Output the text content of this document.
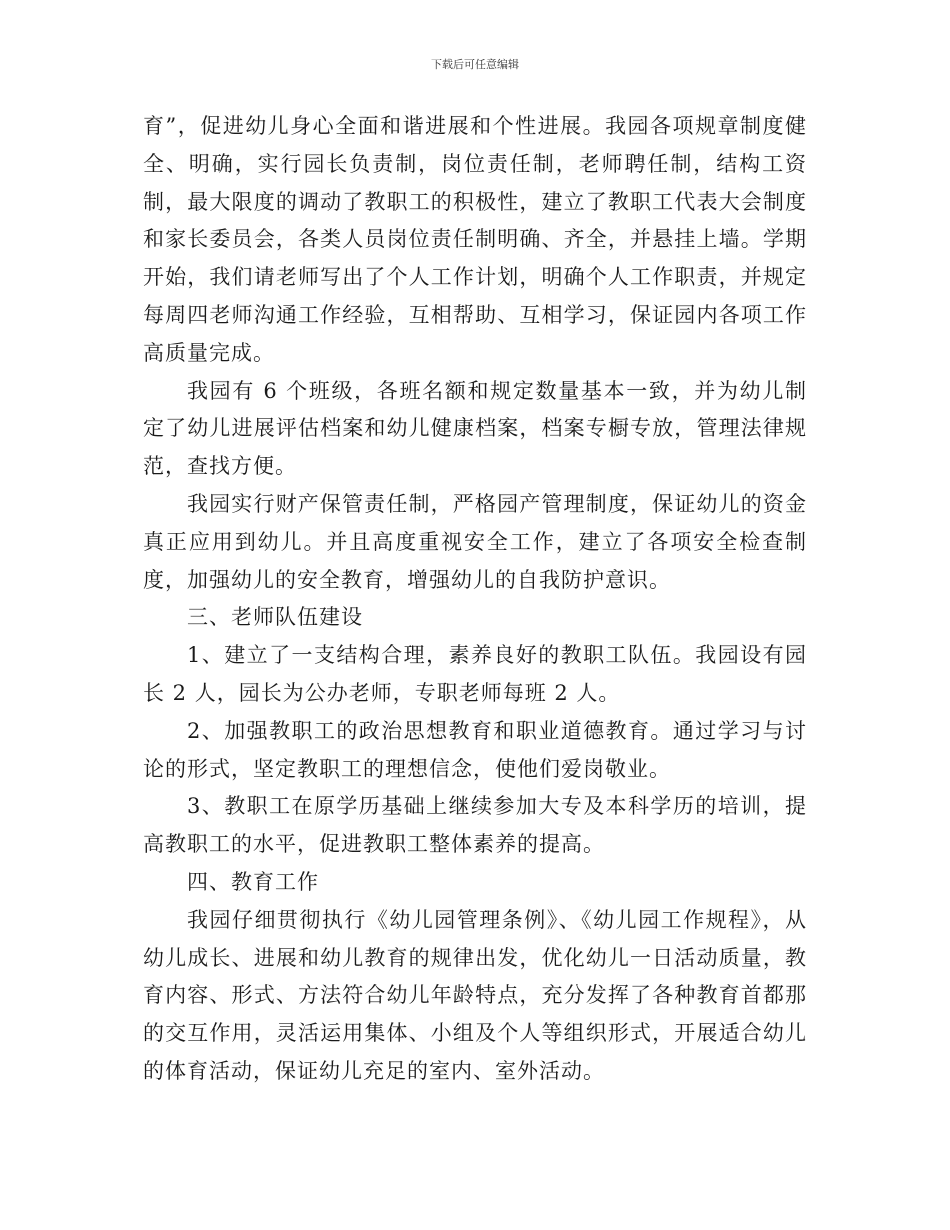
下载后可任意编辑

育”，促进幼儿身心全面和谐进展和个性进展。我园各项规章制度健全、明确，实行园长负责制，岗位责任制，老师聘任制，结构工资制，最大限度的调动了教职工的积极性，建立了教职工代表大会制度和家长委员会，各类人员岗位责任制明确、齐全，并悬挂上墙。学期开始，我们请老师写出了个人工作计划，明确个人工作职责，并规定每周四老师沟通工作经验，互相帮助、互相学习，保证园内各项工作高质量完成。

我园有 6 个班级，各班名额和规定数量基本一致，并为幼儿制定了幼儿进展评估档案和幼儿健康档案，档案专橱专放，管理法律规范，查找方便。

我园实行财产保管责任制，严格园产管理制度，保证幼儿的资金真正应用到幼儿。并且高度重视安全工作，建立了各项安全检查制度，加强幼儿的安全教育，增强幼儿的自我防护意识。

三、老师队伍建设

1、建立了一支结构合理，素养良好的教职工队伍。我园设有园长 2 人，园长为公办老师，专职老师每班 2 人。

2、加强教职工的政治思想教育和职业道德教育。通过学习与讨论的形式，坚定教职工的理想信念，使他们爱岗敬业。

3、教职工在原学历基础上继续参加大专及本科学历的培训，提高教职工的水平，促进教职工整体素养的提高。

四、教育工作

我园仔细贯彻执行《幼儿园管理条例》、《幼儿园工作规程》，从幼儿成长、进展和幼儿教育的规律出发，优化幼儿一日活动质量，教育内容、形式、方法符合幼儿年龄特点，充分发挥了各种教育首都那的交互作用，灵活运用集体、小组及个人等组织形式，开展适合幼儿的体育活动，保证幼儿充足的室内、室外活动。
